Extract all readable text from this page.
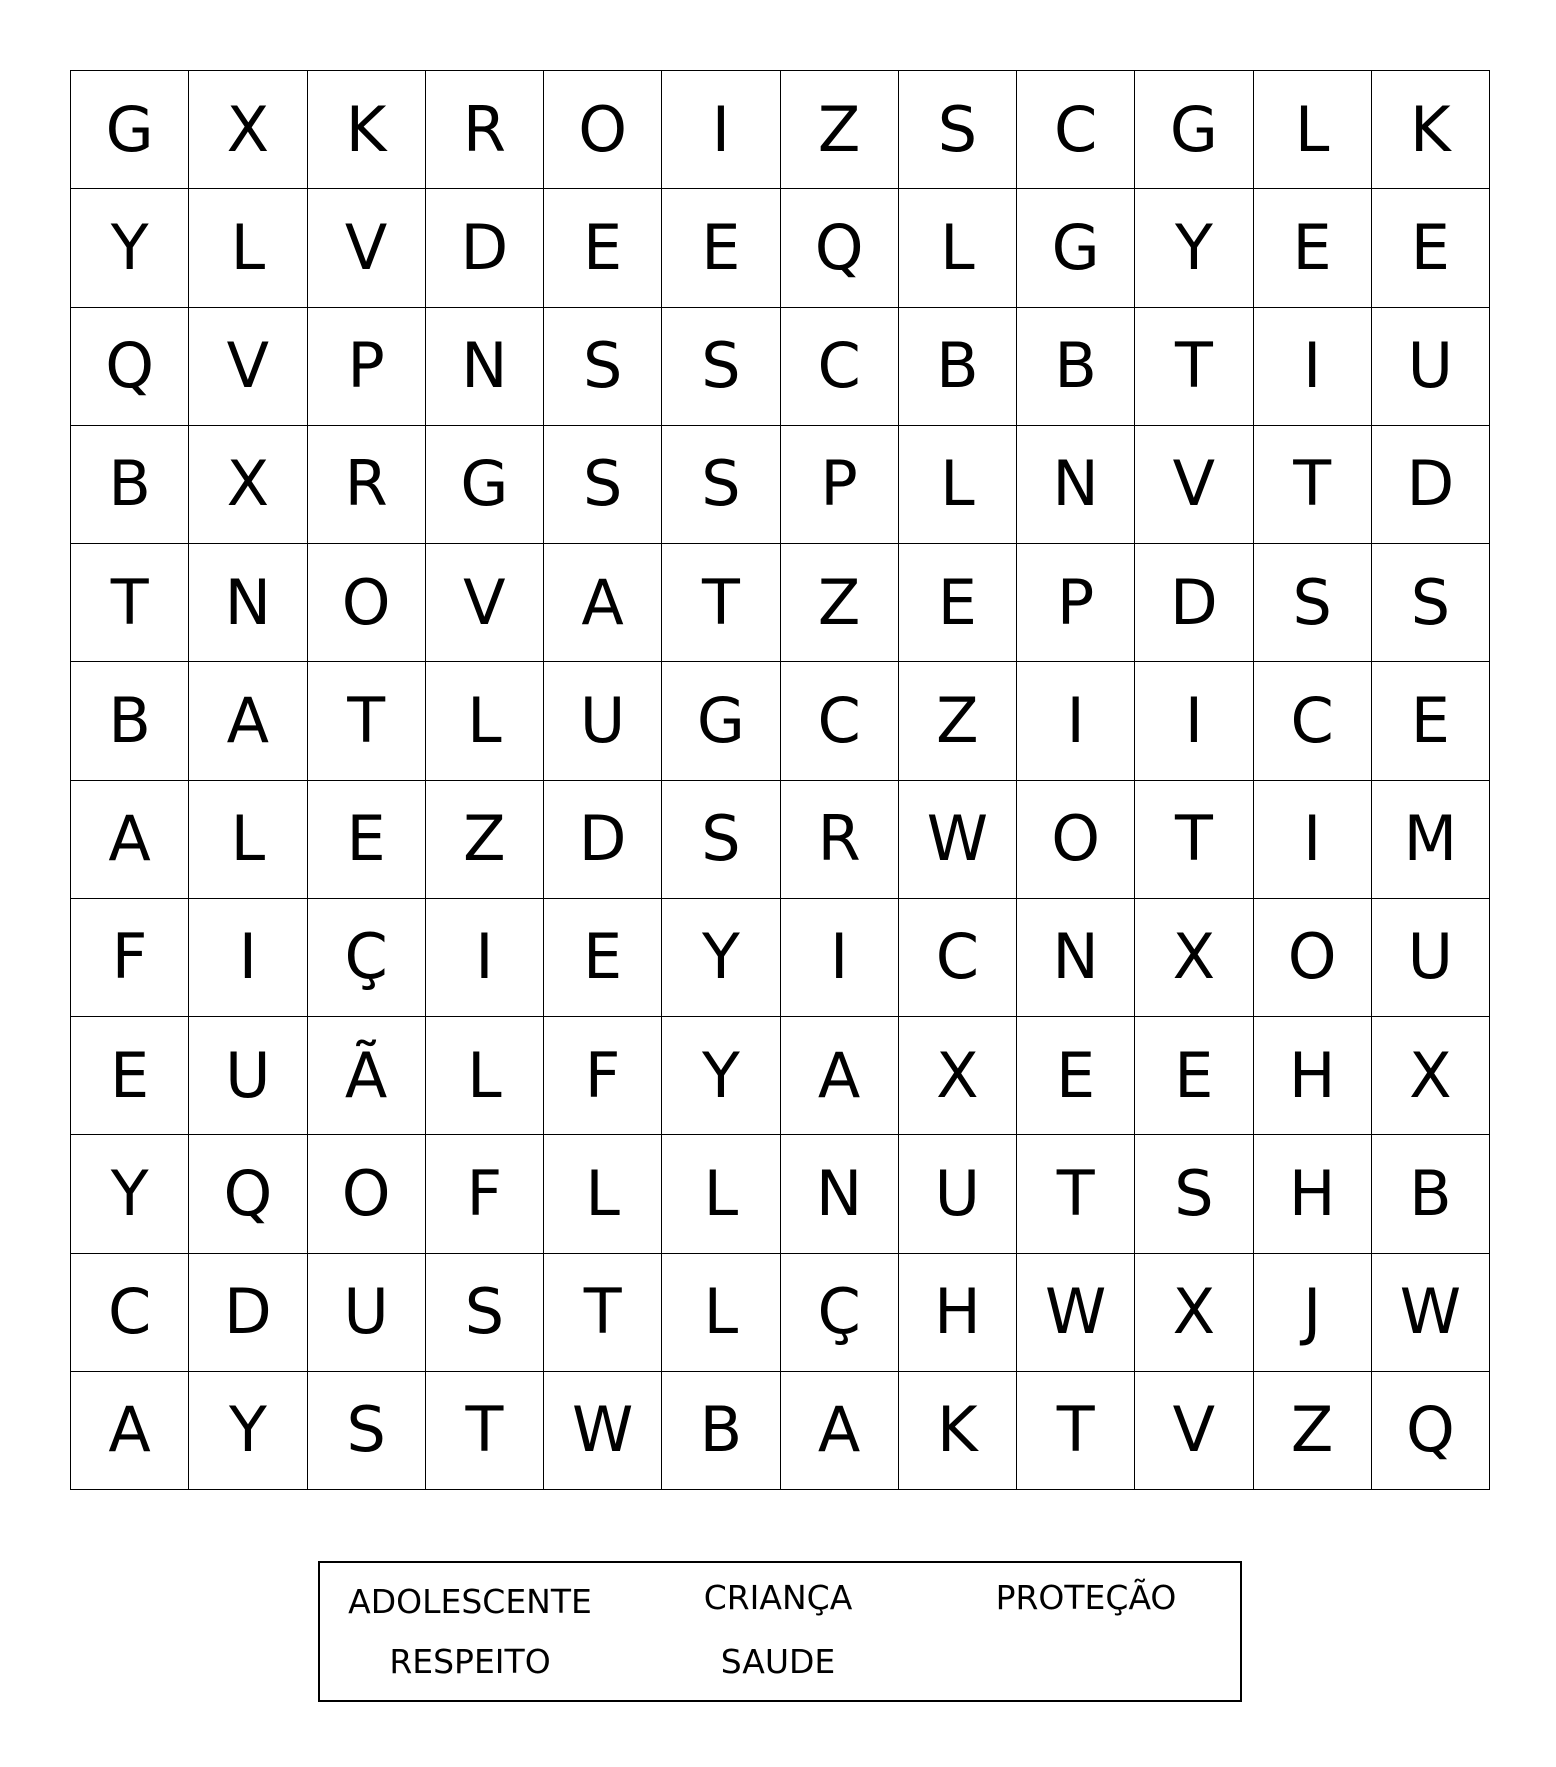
G	X	K	R	O	I	Z	S	C	G	L	K
Y	L	V	D	E	E	Q	L	G	Y	E	E
Q	V	P	N	S	S	C	B	B	T	I	U
B	X	R	G	S	S	P	L	N	V	T	D
T	N	O	V	A	T	Z	E	P	D	S	S
B	A	T	L	U	G	C	Z	I	I	C	E
A	L	E	Z	D	S	R	W	O	T	I	M
F	I	Ç	I	E	Y	I	C	N	X	O	U
E	U	Ã	L	F	Y	A	X	E	E	H	X
Y	Q	O	F	L	L	N	U	T	S	H	B
C	D	U	S	T	L	Ç	H	W	X	J	W
A	Y	S	T	W	B	A	K	T	V	Z	Q
ADOLESCENTE	CRIANÇA	PROTEÇÃO
RESPEITO	SAUDE
